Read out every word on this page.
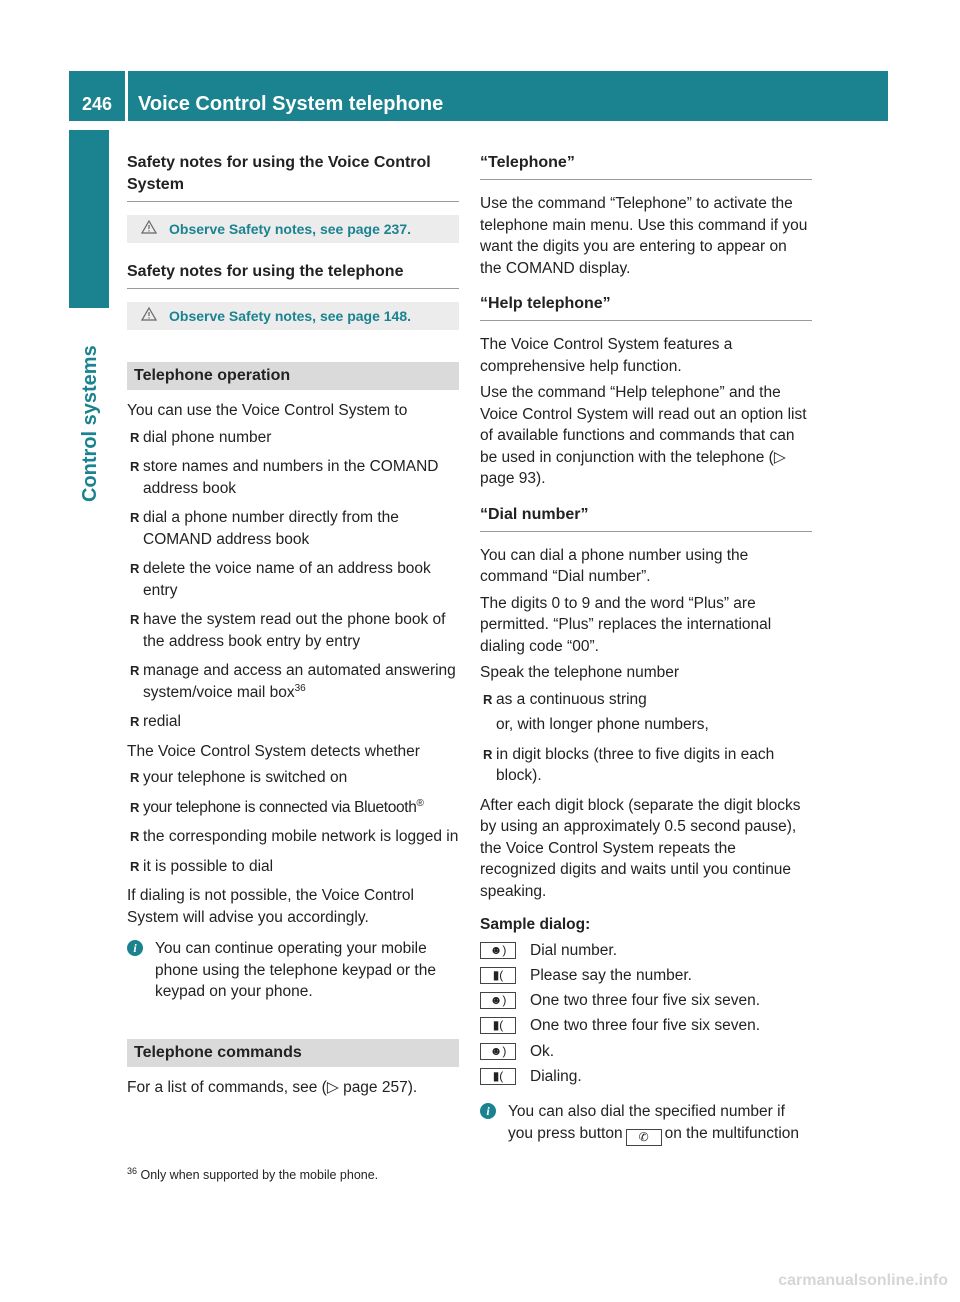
246	Voice Control System telephone
Control systems
Safety notes for using the Voice Control System
Observe Safety notes, see page 237.
Safety notes for using the telephone
Observe Safety notes, see page 148.
Telephone operation

You can use the Voice Control System to

R dial phone number
R store names and numbers in the COMAND address book
R dial a phone number directly from the COMAND address book
R delete the voice name of an address book entry
R have the system read out the phone book of the address book entry by entry
R manage and access an automated answering system/voice mail box$^{36}$
R redial

The Voice Control System detects whether

R your telephone is switched on
R your telephone is connected via Bluetooth®
R the corresponding mobile network is logged in
R it is possible to dial

If dialing is not possible, the Voice Control System will advise you accordingly.

i	You can continue operating your mobile phone using the telephone keypad or the keypad on your phone.
Telephone commands

For a list of commands, see (▷ page 257).

“Telephone”

Use the command “Telephone” to activate the telephone main menu. Use this command if you want the digits you are entering to appear on the COMAND display.

“Help telephone”

The Voice Control System features a comprehensive help function.

Use the command “Help telephone” and the Voice Control System will read out an option list of available functions and commands that can be used in conjunction with the telephone (▷ page 93).

“Dial number”

You can dial a phone number using the command “Dial number”.

The digits 0 to 9 and the word “Plus” are permitted. “Plus” replaces the international dialing code “00”.

Speak the telephone number

R as a continuous string
or, with longer phone numbers,
R in digit blocks (three to five digits in each block).

After each digit block (separate the digit blocks by using an approximately 0.5 second pause), the Voice Control System repeats the recognized digits and waits until you continue speaking.

Sample dialog:
☻)	Dial number.
▮(	Please say the number.
☻)	One two three four five six seven.
▮(	One two three four five six seven.
☻)	Ok.
▮(	Dialing.
i	You can also dial the specified number if you press button ✆ on the multifunction
$^{36}$ Only when supported by the mobile phone.
carmanualsonline.info
